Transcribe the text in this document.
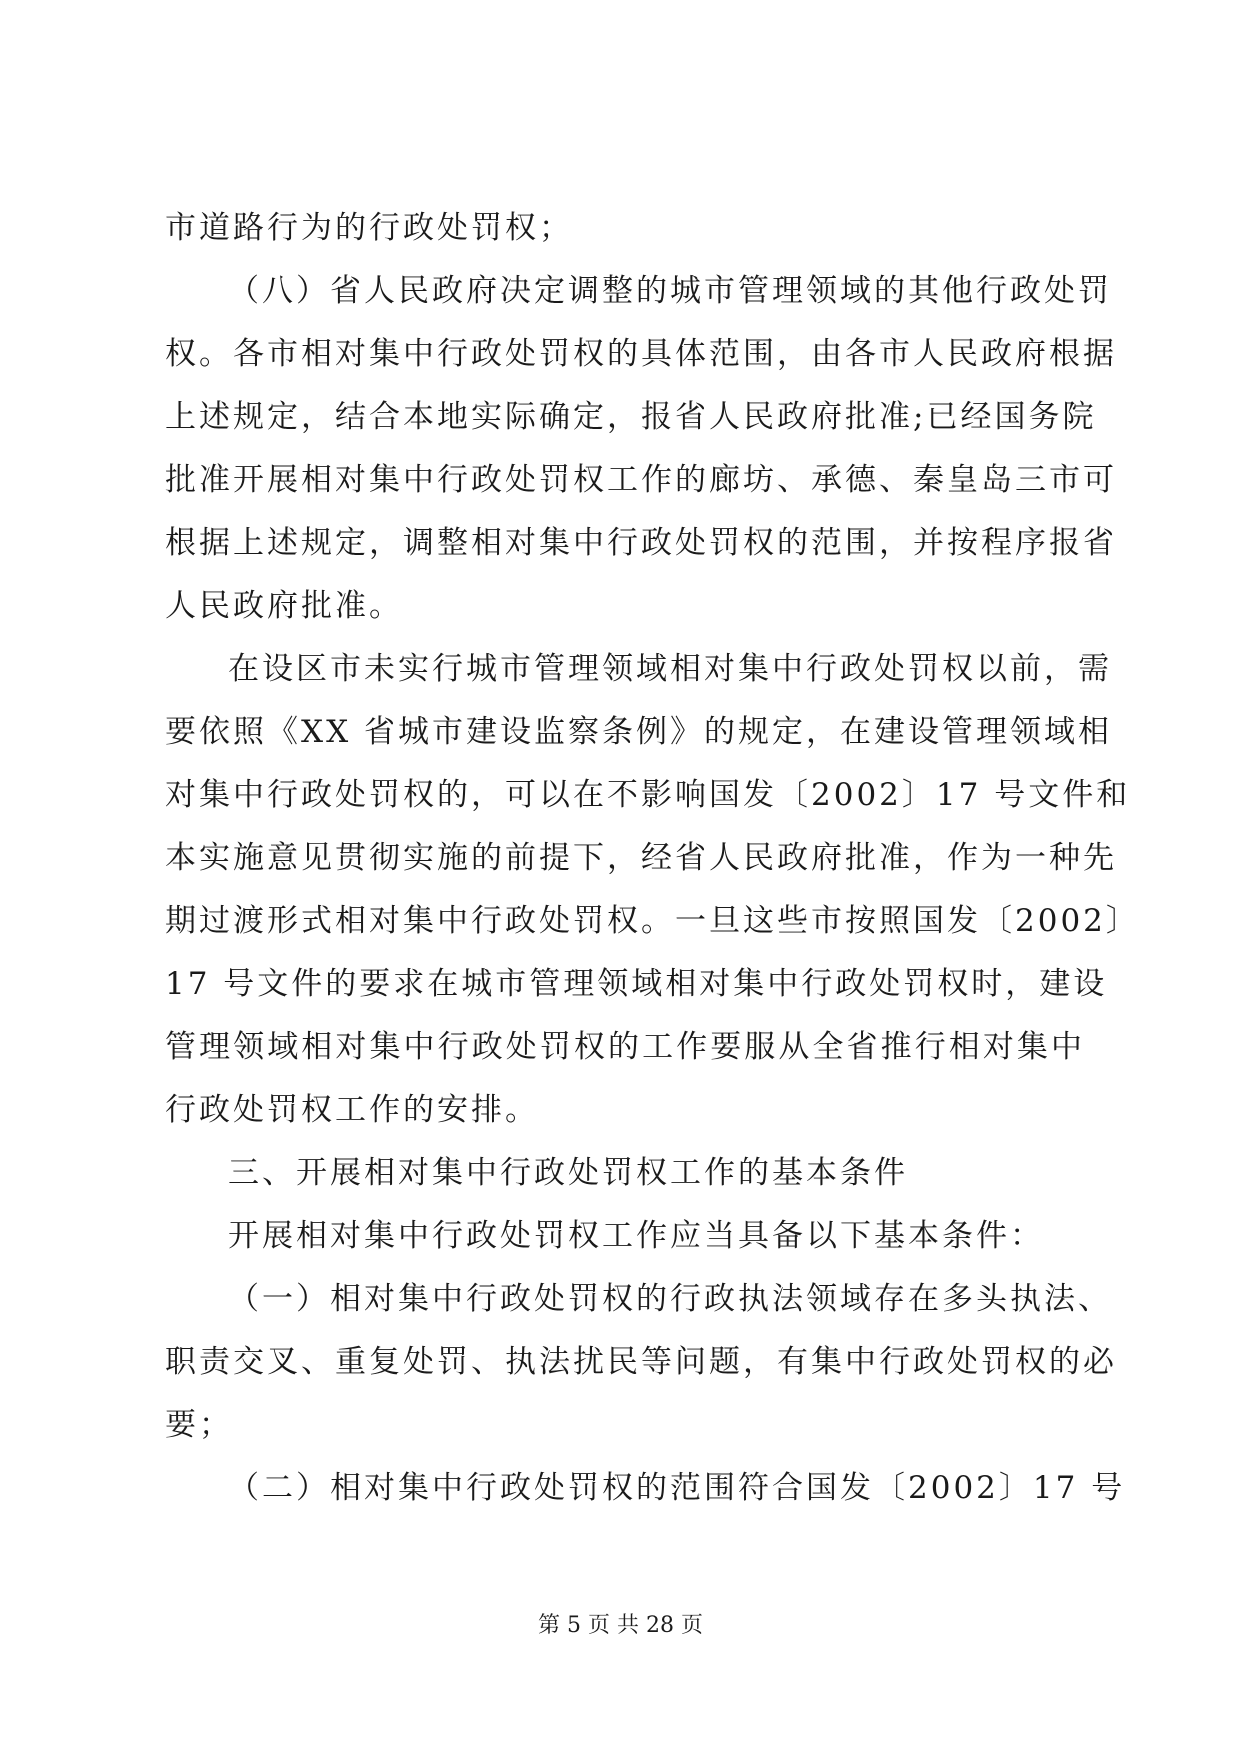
市道路行为的行政处罚权；
（八）省人民政府决定调整的城市管理领域的其他行政处罚
权。各市相对集中行政处罚权的具体范围，由各市人民政府根据
上述规定，结合本地实际确定，报省人民政府批准;已经国务院
批准开展相对集中行政处罚权工作的廊坊、承德、秦皇岛三市可
根据上述规定，调整相对集中行政处罚权的范围，并按程序报省
人民政府批准。
在设区市未实行城市管理领域相对集中行政处罚权以前，需
要依照《XX 省城市建设监察条例》的规定，在建设管理领域相
对集中行政处罚权的，可以在不影响国发〔2002〕17 号文件和
本实施意见贯彻实施的前提下，经省人民政府批准，作为一种先
期过渡形式相对集中行政处罚权。一旦这些市按照国发〔2002〕
17 号文件的要求在城市管理领域相对集中行政处罚权时，建设
管理领域相对集中行政处罚权的工作要服从全省推行相对集中
行政处罚权工作的安排。
三、开展相对集中行政处罚权工作的基本条件
开展相对集中行政处罚权工作应当具备以下基本条件：
（一）相对集中行政处罚权的行政执法领域存在多头执法、
职责交叉、重复处罚、执法扰民等问题，有集中行政处罚权的必
要；
（二）相对集中行政处罚权的范围符合国发〔2002〕17 号
第 5 页 共 28 页
